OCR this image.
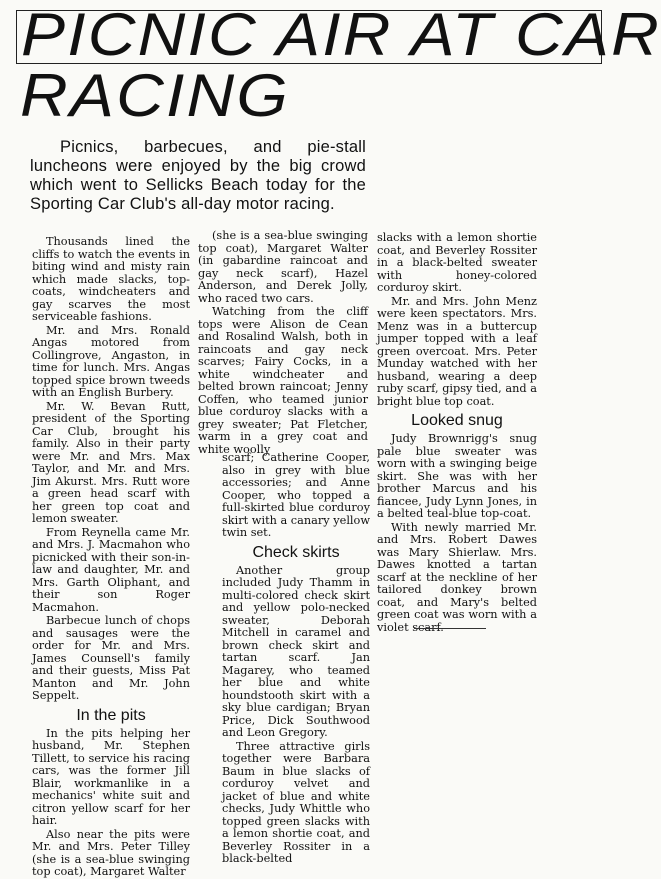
PICNIC AIR AT CAR
RACING
Picnics, barbecues, and pie-stall luncheons were enjoyed by the big crowd which went to Sellicks Beach today for the Sporting Car Club's all-day motor racing.

Thousands lined the cliffs to watch the events in biting wind and misty rain which made slacks, top-coats, windcheaters and gay scarves the most serviceable fashions.

Mr. and Mrs. Ronald Angas motored from Collingrove, Angaston, in time for lunch. Mrs. Angas topped spice brown tweeds with an English Burbery.

Mr. W. Bevan Rutt, president of the Sporting Car Club, brought his family. Also in their party were Mr. and Mrs. Max Taylor, and Mr. and Mrs. Jim Akurst. Mrs. Rutt wore a green head scarf with her green top coat and lemon sweater.

From Reynella came Mr. and Mrs. J. Macmahon who picnicked with their son-in-law and daughter, Mr. and Mrs. Garth Oliphant, and their son Roger Macmahon.

Barbecue lunch of chops and sausages were the order for Mr. and Mrs. James Counsell's family and their guests, Miss Pat Manton and Mr. John Seppelt.

In the pits

In the pits helping her husband, Mr. Stephen Tillett, to service his racing cars, was the former Jill Blair, workmanlike in a mechanics' white suit and citron yellow scarf for her hair.

Also near the pits were Mr. and Mrs. Peter Tilley (she is a sea-blue swinging top coat), Margaret Walter

(she is a sea-blue swinging top coat), Margaret Walter (in gabardine raincoat and gay neck scarf), Hazel Anderson, and Derek Jolly, who raced two cars.

Watching from the cliff tops were Alison de Cean and Rosalind Walsh, both in raincoats and gay neck scarves; Fairy Cocks, in a white windcheater and belted brown raincoat; Jenny Coffen, who teamed junior blue corduroy slacks with a grey sweater; Pat Fletcher, warm in a grey coat and white woolly

scarf; Catherine Cooper, also in grey with blue accessories; and Anne Cooper, who topped a full-skirted blue corduroy skirt with a canary yellow twin set.

Check skirts

Another group included Judy Thamm in multi-colored check skirt and yellow polo-necked sweater, Deborah Mitchell in caramel and brown check skirt and tartan scarf. Jan Magarey, who teamed her blue and white houndstooth skirt with a sky blue cardigan; Bryan Price, Dick Southwood and Leon Gregory.

Three attractive girls together were Barbara Baum in blue slacks of corduroy velvet and jacket of blue and white checks, Judy Whittle who topped green slacks with a lemon shortie coat, and Beverley Rossiter in a black-belted

slacks with a lemon shortie coat, and Beverley Rossiter in a black-belted sweater with honey-colored corduroy skirt.

Mr. and Mrs. John Menz were keen spectators. Mrs. Menz was in a buttercup jumper topped with a leaf green overcoat. Mrs. Peter Munday watched with her husband, wearing a deep ruby scarf, gipsy tied, and a bright blue top coat.

Looked snug

Judy Brownrigg's snug pale blue sweater was worn with a swinging beige skirt. She was with her brother Marcus and his fiancee, Judy Lynn Jones, in a belted teal-blue top-coat.

With newly married Mr. and Mrs. Robert Dawes was Mary Shierlaw. Mrs. Dawes knotted a tartan scarf at the neckline of her tailored donkey brown coat, and Mary's belted green coat was worn with a violet scarf.
